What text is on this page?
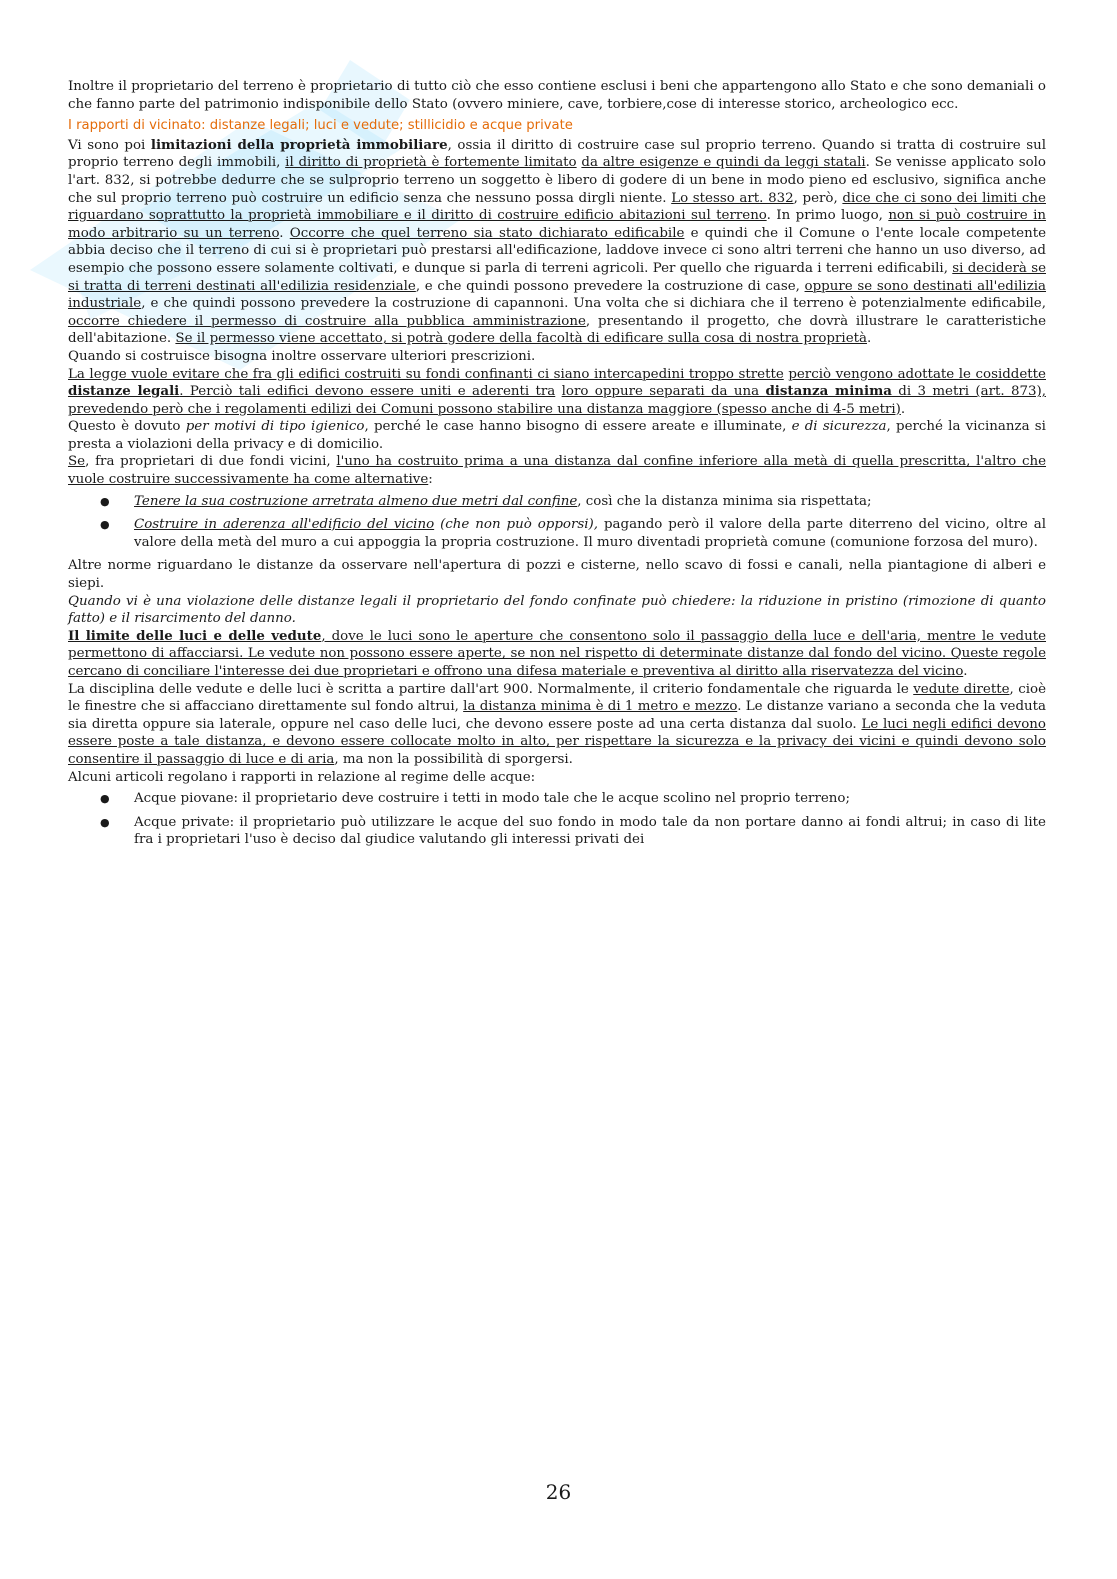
Inoltre il proprietario del terreno è proprietario di tutto ciò che esso contiene esclusi i beni che appartengono allo Stato e che sono demaniali o che fanno parte del patrimonio indisponibile dello Stato (ovvero miniere, cave, torbiere,cose di interesse storico, archeologico ecc.

I rapporti di vicinato: distanze legali; luci e vedute; stillicidio e acque private

Vi sono poi limitazioni della proprietà immobiliare, ossia il diritto di costruire case sul proprio terreno. Quando si tratta di costruire sul proprio terreno degli immobili, il diritto di proprietà è fortemente limitato da altre esigenze e quindi da leggi statali. Se venisse applicato solo l'art. 832, si potrebbe dedurre che se sulproprio terreno un soggetto è libero di godere di un bene in modo pieno ed esclusivo, significa anche che sul proprio terreno può costruire un edificio senza che nessuno possa dirgli niente. Lo stesso art. 832, però, dice che ci sono dei limiti che riguardano soprattutto la proprietà immobiliare e il diritto di costruire edificio abitazioni sul terreno. In primo luogo, non si può costruire in modo arbitrario su un terreno. Occorre che quel terreno sia stato dichiarato edificabile e quindi che il Comune o l'ente locale competente abbia deciso che il terreno di cui si è proprietari può prestarsi all'edificazione, laddove invece ci sono altri terreni che hanno un uso diverso, ad esempio che possono essere solamente coltivati, e dunque si parla di terreni agricoli. Per quello che riguarda i terreni edificabili, si deciderà se si tratta di terreni destinati all'edilizia residenziale, e che quindi possono prevedere la costruzione di case, oppure se sono destinati all'edilizia industriale, e che quindi possono prevedere la costruzione di capannoni. Una volta che si dichiara che il terreno è potenzialmente edificabile, occorre chiedere il permesso di costruire alla pubblica amministrazione, presentando il progetto, che dovrà illustrare le caratteristiche dell'abitazione. Se il permesso viene accettato, si potrà godere della facoltà di edificare sulla cosa di nostra proprietà.

Quando si costruisce bisogna inoltre osservare ulteriori prescrizioni.

La legge vuole evitare che fra gli edifici costruiti su fondi confinanti ci siano intercapedini troppo strette perciò vengono adottate le cosiddette distanze legali. Perciò tali edifici devono essere uniti e aderenti tra loro oppure separati da una distanza minima di 3 metri (art. 873), prevedendo però che i regolamenti edilizi dei Comuni possono stabilire una distanza maggiore (spesso anche di 4-5 metri).

Questo è dovuto per motivi di tipo igienico, perché le case hanno bisogno di essere areate e illuminate, e di sicurezza, perché la vicinanza si presta a violazioni della privacy e di domicilio.

Se, fra proprietari di due fondi vicini, l'uno ha costruito prima a una distanza dal confine inferiore alla metà di quella prescritta, l'altro che vuole costruire successivamente ha come alternative:

● Tenere la sua costruzione arretrata almeno due metri dal confine, così che la distanza minima sia rispettata;
● Costruire in aderenza all'edificio del vicino (che non può opporsi), pagando però il valore della parte diterreno del vicino, oltre al valore della metà del muro a cui appoggia la propria costruzione. Il muro diventadi proprietà comune (comunione forzosa del muro).

Altre norme riguardano le distanze da osservare nell'apertura di pozzi e cisterne, nello scavo di fossi e canali, nella piantagione di alberi e siepi.

Quando vi è una violazione delle distanze legali il proprietario del fondo confinate può chiedere: la riduzione in pristino (rimozione di quanto fatto) e il risarcimento del danno.

Il limite delle luci e delle vedute, dove le luci sono le aperture che consentono solo il passaggio della luce e dell'aria, mentre le vedute permettono di affacciarsi. Le vedute non possono essere aperte, se non nel rispetto di determinate distanze dal fondo del vicino. Queste regole cercano di conciliare l'interesse dei due proprietari e offrono una difesa materiale e preventiva al diritto alla riservatezza del vicino.

La disciplina delle vedute e delle luci è scritta a partire dall'art 900. Normalmente, il criterio fondamentale che riguarda le vedute dirette, cioè le finestre che si affacciano direttamente sul fondo altrui, la distanza minima è di 1 metro e mezzo. Le distanze variano a seconda che la veduta sia diretta oppure sia laterale, oppure nel caso delle luci, che devono essere poste ad una certa distanza dal suolo. Le luci negli edifici devono essere poste a tale distanza, e devono essere collocate molto in alto, per rispettare la sicurezza e la privacy dei vicini e quindi devono solo consentire il passaggio di luce e di aria, ma non la possibilità di sporgersi.

Alcuni articoli regolano i rapporti in relazione al regime delle acque:

● Acque piovane: il proprietario deve costruire i tetti in modo tale che le acque scolino nel proprio terreno;
● Acque private: il proprietario può utilizzare le acque del suo fondo in modo tale da non portare danno ai fondi altrui; in caso di lite fra i proprietari l'uso è deciso dal giudice valutando gli interessi privati dei
26
